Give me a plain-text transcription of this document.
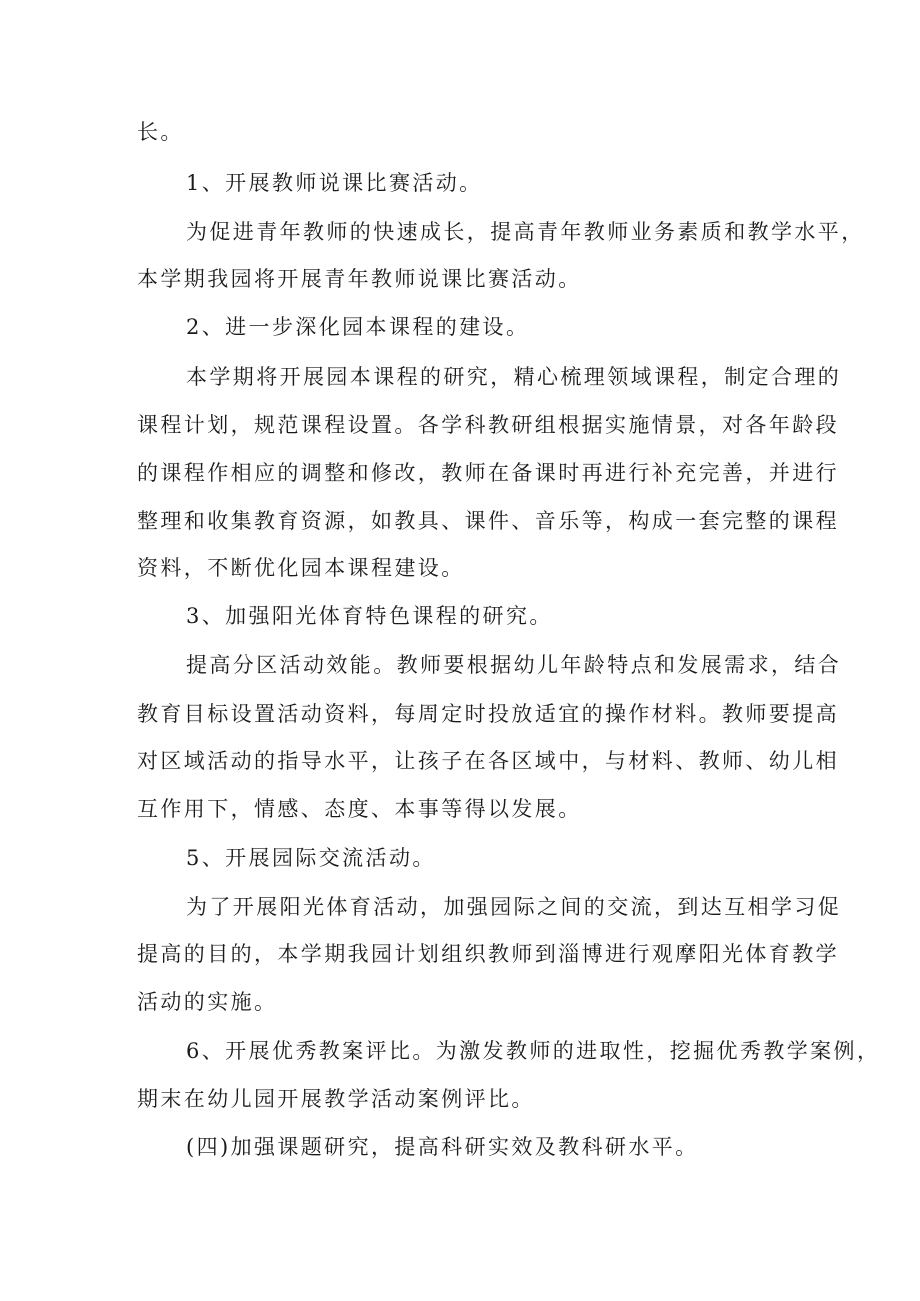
长。
1、开展教师说课比赛活动。
为促进青年教师的快速成长，提高青年教师业务素质和教学水平，
本学期我园将开展青年教师说课比赛活动。
2、进一步深化园本课程的建设。
本学期将开展园本课程的研究，精心梳理领域课程，制定合理的
课程计划，规范课程设置。各学科教研组根据实施情景，对各年龄段
的课程作相应的调整和修改，教师在备课时再进行补充完善，并进行
整理和收集教育资源，如教具、课件、音乐等，构成一套完整的课程
资料，不断优化园本课程建设。
3、加强阳光体育特色课程的研究。
提高分区活动效能。教师要根据幼儿年龄特点和发展需求，结合
教育目标设置活动资料，每周定时投放适宜的操作材料。教师要提高
对区域活动的指导水平，让孩子在各区域中，与材料、教师、幼儿相
互作用下，情感、态度、本事等得以发展。
5、开展园际交流活动。
为了开展阳光体育活动，加强园际之间的交流，到达互相学习促
提高的目的，本学期我园计划组织教师到淄博进行观摩阳光体育教学
活动的实施。
6、开展优秀教案评比。为激发教师的进取性，挖掘优秀教学案例，
期末在幼儿园开展教学活动案例评比。
(四)加强课题研究，提高科研实效及教科研水平。
